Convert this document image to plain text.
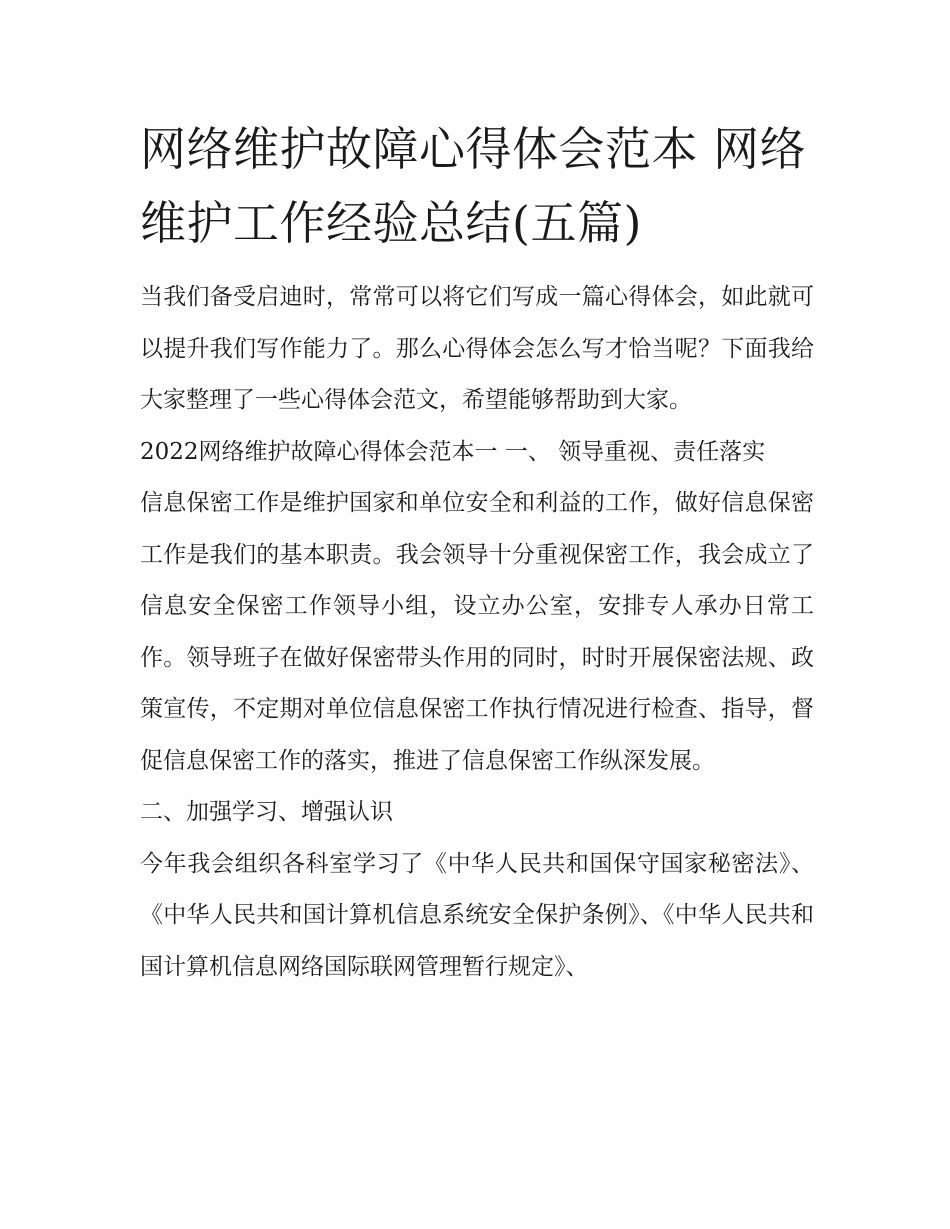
网络维护故障心得体会范本 网络维护工作经验总结(五篇)

当我们备受启迪时，常常可以将它们写成一篇心得体会，如此就可以提升我们写作能力了。那么心得体会怎么写才恰当呢？下面我给大家整理了一些心得体会范文，希望能够帮助到大家。

2022网络维护故障心得体会范本一 一、 领导重视、责任落实

信息保密工作是维护国家和单位安全和利益的工作，做好信息保密工作是我们的基本职责。我会领导十分重视保密工作，我会成立了信息安全保密工作领导小组，设立办公室，安排专人承办日常工作。领导班子在做好保密带头作用的同时，时时开展保密法规、政策宣传，不定期对单位信息保密工作执行情况进行检查、指导，督促信息保密工作的落实，推进了信息保密工作纵深发展。

二、加强学习、增强认识

今年我会组织各科室学习了《中华人民共和国保守国家秘密法》、《中华人民共和国计算机信息系统安全保护条例》、《中华人民共和国计算机信息网络国际联网管理暂行规定》、
